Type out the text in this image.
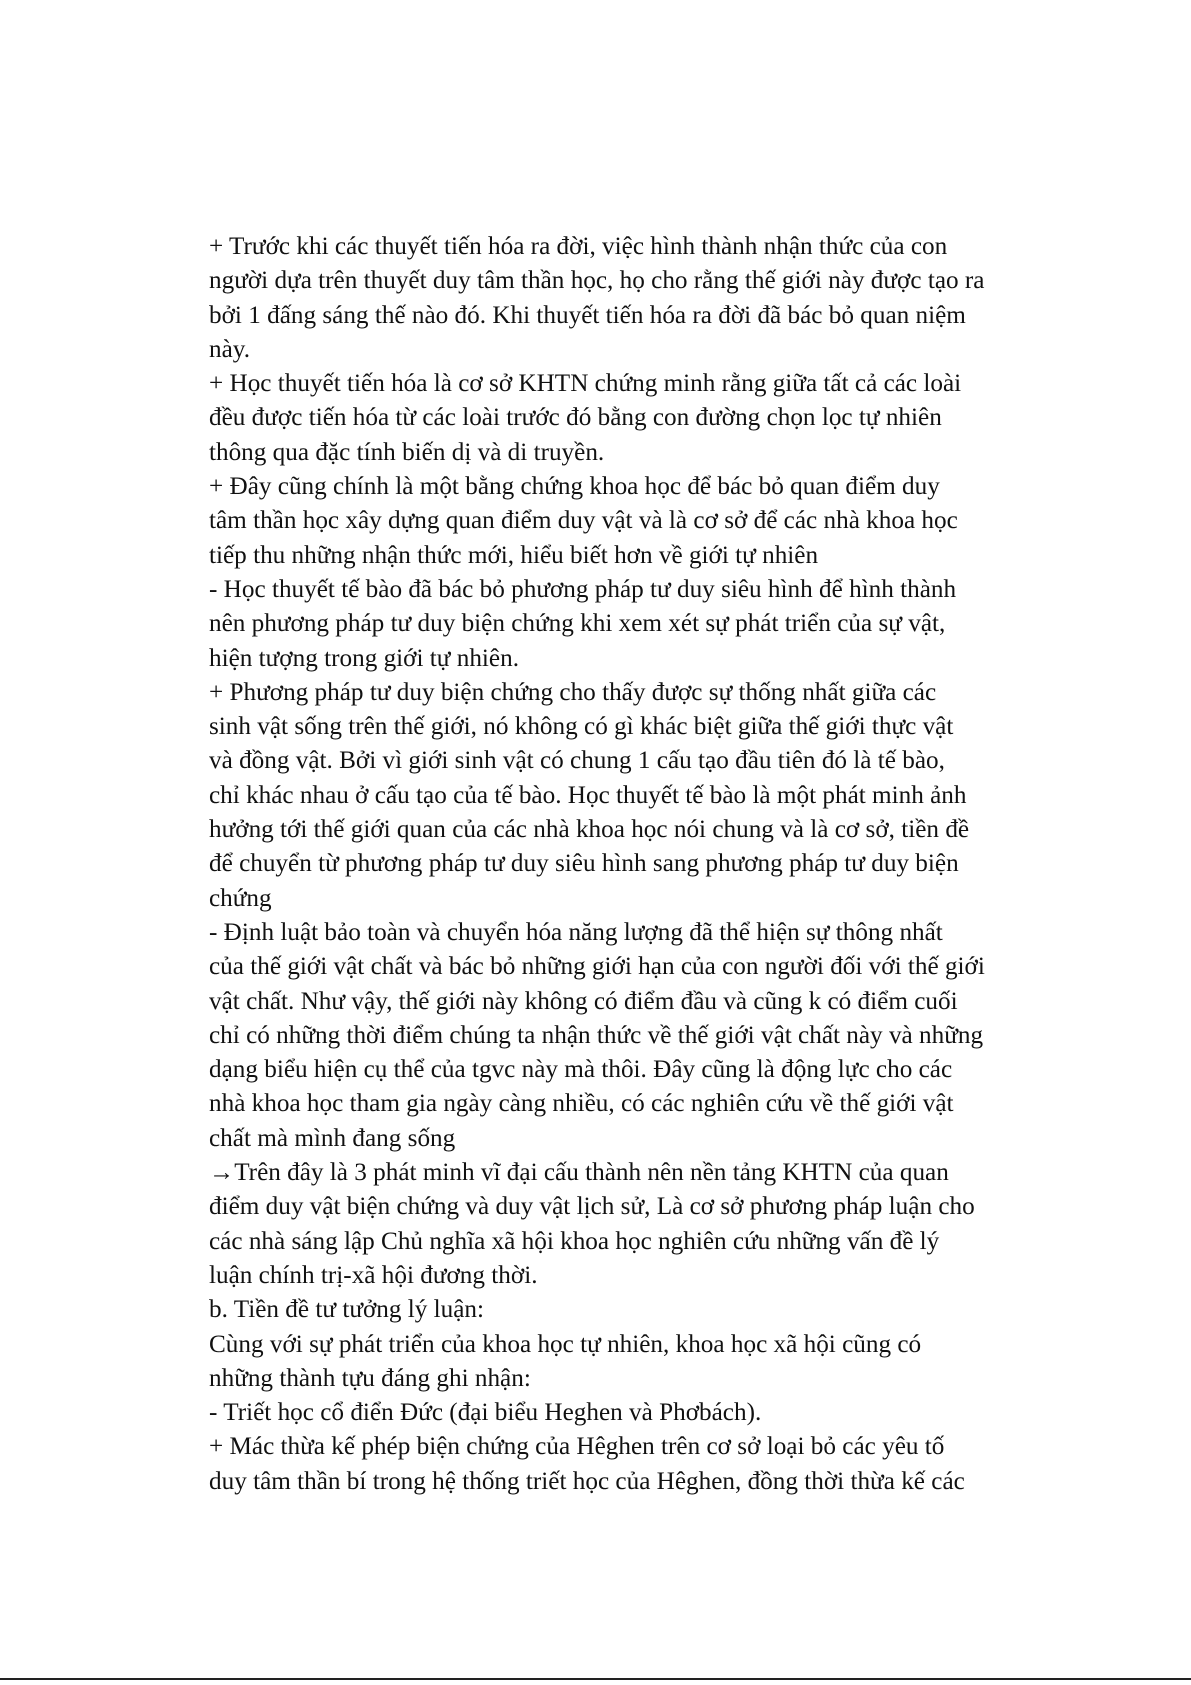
+ Trước khi các thuyết tiến hóa ra đời, việc hình thành nhận thức của con
người dựa trên thuyết duy tâm thần học, họ cho rằng thế giới này được tạo ra
bởi 1 đấng sáng thế nào đó. Khi thuyết tiến hóa ra đời đã bác bỏ quan niệm
này.
+ Học thuyết tiến hóa là cơ sở KHTN chứng minh rằng giữa tất cả các loài
đều được tiến hóa từ các loài trước đó bằng con đường chọn lọc tự nhiên
thông qua đặc tính biến dị và di truyền.
+ Đây cũng chính là một bằng chứng khoa học để bác bỏ quan điểm duy
tâm thần học xây dựng quan điểm duy vật và là cơ sở để các nhà khoa học
tiếp thu những nhận thức mới, hiểu biết hơn về giới tự nhiên
- Học thuyết tế bào đã bác bỏ phương pháp tư duy siêu hình để hình thành
nên phương pháp tư duy biện chứng khi xem xét sự phát triển của sự vật,
hiện tượng trong giới tự nhiên.
+ Phương pháp tư duy biện chứng cho thấy được sự thống nhất giữa các
sinh vật sống trên thế giới, nó không có gì khác biệt giữa thế giới thực vật
và đồng vật. Bởi vì giới sinh vật có chung 1 cấu tạo đầu tiên đó là tế bào,
chỉ khác nhau ở cấu tạo của tế bào. Học thuyết tế bào là một phát minh ảnh
hưởng tới thế giới quan của các nhà khoa học nói chung và là cơ sở, tiền đề
để chuyển từ phương pháp tư duy siêu hình sang phương pháp tư duy biện
chứng
- Định luật bảo toàn và chuyển hóa năng lượng đã thể hiện sự thông nhất
của thế giới vật chất và bác bỏ những giới hạn của con người đối với thế giới
vật chất. Như vậy, thế giới này không có điểm đầu và cũng k có điểm cuối
chỉ có những thời điểm chúng ta nhận thức về thế giới vật chất này và những
dạng biểu hiện cụ thể của tgvc này mà thôi. Đây cũng là động lực cho các
nhà khoa học tham gia ngày càng nhiều, có các nghiên cứu về thế giới vật
chất mà mình đang sống
→Trên đây là 3 phát minh vĩ đại cấu thành nên nền tảng KHTN của quan
điểm duy vật biện chứng và duy vật lịch sử, Là cơ sở phương pháp luận cho
các nhà sáng lập Chủ nghĩa xã hội khoa học nghiên cứu những vấn đề lý
luận chính trị-xã hội đương thời.
b. Tiền đề tư tưởng lý luận:
Cùng với sự phát triển của khoa học tự nhiên, khoa học xã hội cũng có
những thành tựu đáng ghi nhận:
- Triết học cổ điển Đức (đại biểu Heghen và Phơbách).
+ Mác thừa kế phép biện chứng của Hêghen trên cơ sở loại bỏ các yêu tố
duy tâm thần bí trong hệ thống triết học của Hêghen, đồng thời thừa kế các
